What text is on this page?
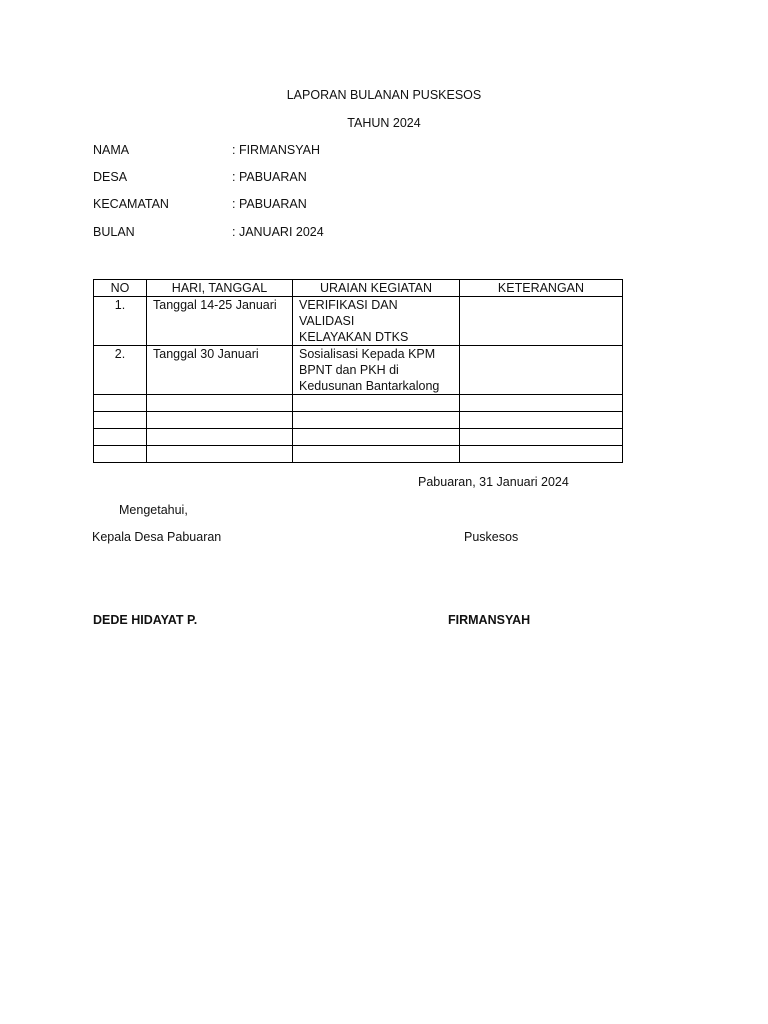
LAPORAN BULANAN PUSKESOS
TAHUN 2024
NAMA	: FIRMANSYAH
DESA	: PABUARAN
KECAMATAN	: PABUARAN
BULAN	: JANUARI 2024
NO	HARI, TANGGAL	URAIAN KEGIATAN	KETERANGAN
1.	Tanggal 14-25 Januari	VERIFIKASI DAN VALIDASI
KELAYAKAN DTKS	

2.	Tanggal 30 Januari	Sosialisasi Kepada KPM
BPNT dan PKH di
Kedusunan Bantarkalong	

Pabuaran, 31 Januari 2024
Mengetahui,
Kepala Desa Pabuaran	Puskesos
DEDE HIDAYAT P.	FIRMANSYAH
